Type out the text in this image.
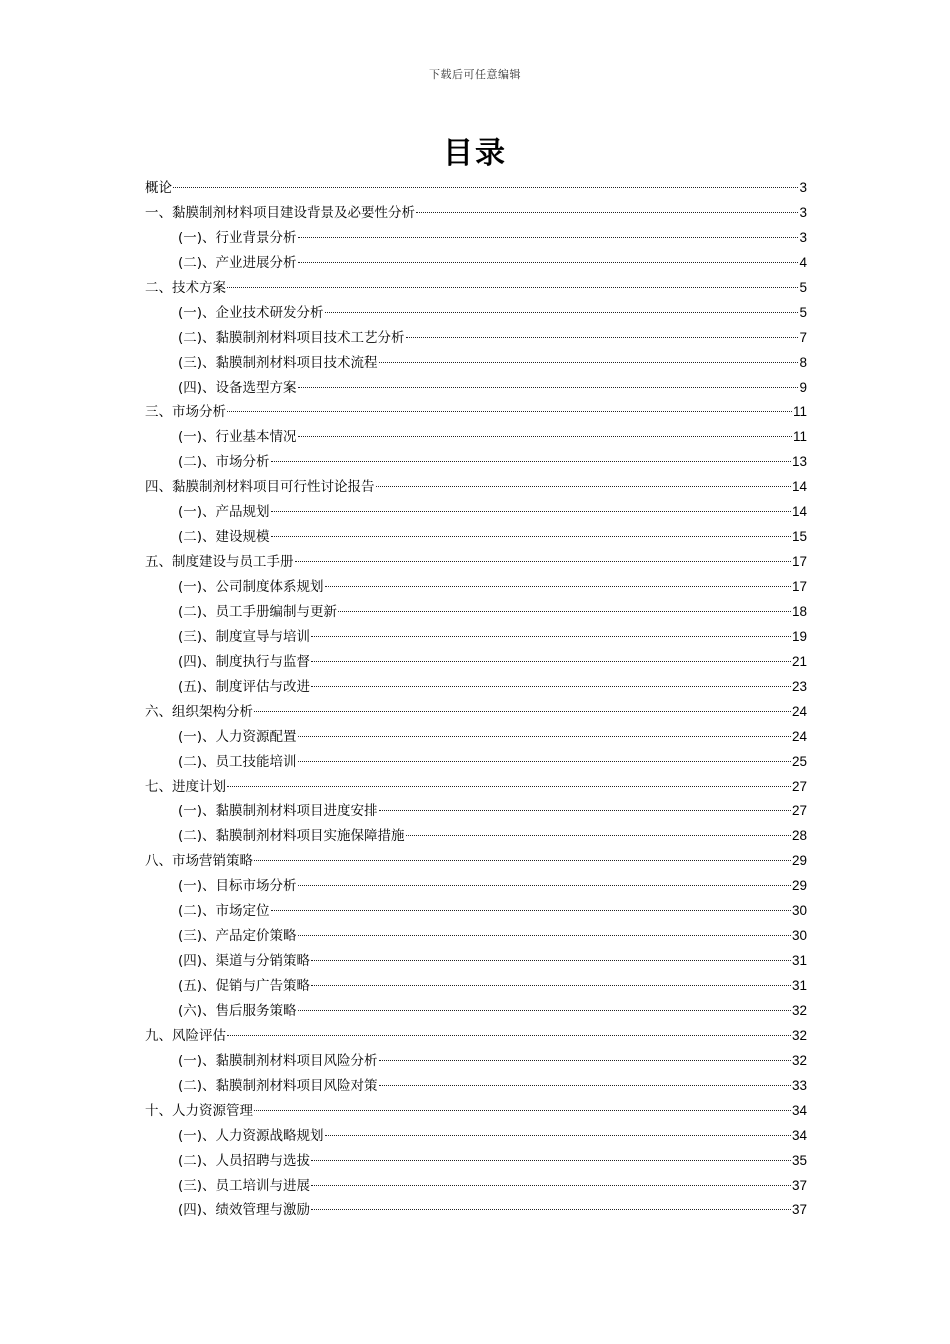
下载后可任意编辑
目录
概论	3
一、黏膜制剂材料项目建设背景及必要性分析	3
(一)、行业背景分析	3
(二)、产业进展分析	4
二、技术方案	5
(一)、企业技术研发分析	5
(二)、黏膜制剂材料项目技术工艺分析	7
(三)、黏膜制剂材料项目技术流程	8
(四)、设备选型方案	9
三、市场分析	11
(一)、行业基本情况	11
(二)、市场分析	13
四、黏膜制剂材料项目可行性讨论报告	14
(一)、产品规划	14
(二)、建设规模	15
五、制度建设与员工手册	17
(一)、公司制度体系规划	17
(二)、员工手册编制与更新	18
(三)、制度宣导与培训	19
(四)、制度执行与监督	21
(五)、制度评估与改进	23
六、组织架构分析	24
(一)、人力资源配置	24
(二)、员工技能培训	25
七、进度计划	27
(一)、黏膜制剂材料项目进度安排	27
(二)、黏膜制剂材料项目实施保障措施	28
八、市场营销策略	29
(一)、目标市场分析	29
(二)、市场定位	30
(三)、产品定价策略	30
(四)、渠道与分销策略	31
(五)、促销与广告策略	31
(六)、售后服务策略	32
九、风险评估	32
(一)、黏膜制剂材料项目风险分析	32
(二)、黏膜制剂材料项目风险对策	33
十、人力资源管理	34
(一)、人力资源战略规划	34
(二)、人员招聘与选拔	35
(三)、员工培训与进展	37
(四)、绩效管理与激励	37
